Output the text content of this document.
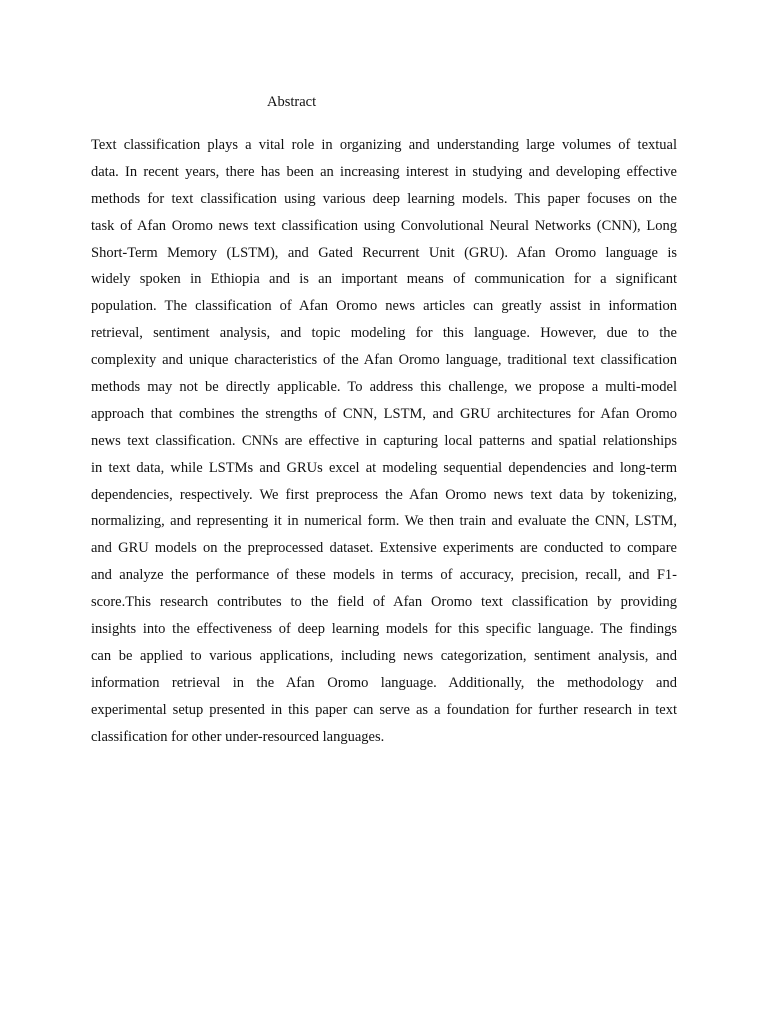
Abstract
Text classification plays a vital role in organizing and understanding large volumes of textual
data. In recent years, there has been an increasing interest in studying and developing effective
methods for text classification using various deep learning models. This paper focuses on the
task of Afan Oromo news text classification using Convolutional Neural Networks (CNN), Long
Short-Term Memory (LSTM), and Gated Recurrent Unit (GRU). Afan Oromo language is
widely spoken in Ethiopia and is an important means of communication for a significant
population. The classification of Afan Oromo news articles can greatly assist in information
retrieval, sentiment analysis, and topic modeling for this language. However, due to the
complexity and unique characteristics of the Afan Oromo language, traditional text classification
methods may not be directly applicable. To address this challenge, we propose a multi-model
approach that combines the strengths of CNN, LSTM, and GRU architectures for Afan Oromo
news text classification. CNNs are effective in capturing local patterns and spatial relationships
in text data, while LSTMs and GRUs excel at modeling sequential dependencies and long-term
dependencies, respectively. We first preprocess the Afan Oromo news text data by tokenizing,
normalizing, and representing it in numerical form. We then train and evaluate the CNN, LSTM,
and GRU models on the preprocessed dataset. Extensive experiments are conducted to compare
and analyze the performance of these models in terms of accuracy, precision, recall, and F1-
score.This research contributes to the field of Afan Oromo text classification by providing
insights into the effectiveness of deep learning models for this specific language. The findings
can be applied to various applications, including news categorization, sentiment analysis, and
information retrieval in the Afan Oromo language. Additionally, the methodology and
experimental setup presented in this paper can serve as a foundation for further research in text
classification for other under-resourced languages.
